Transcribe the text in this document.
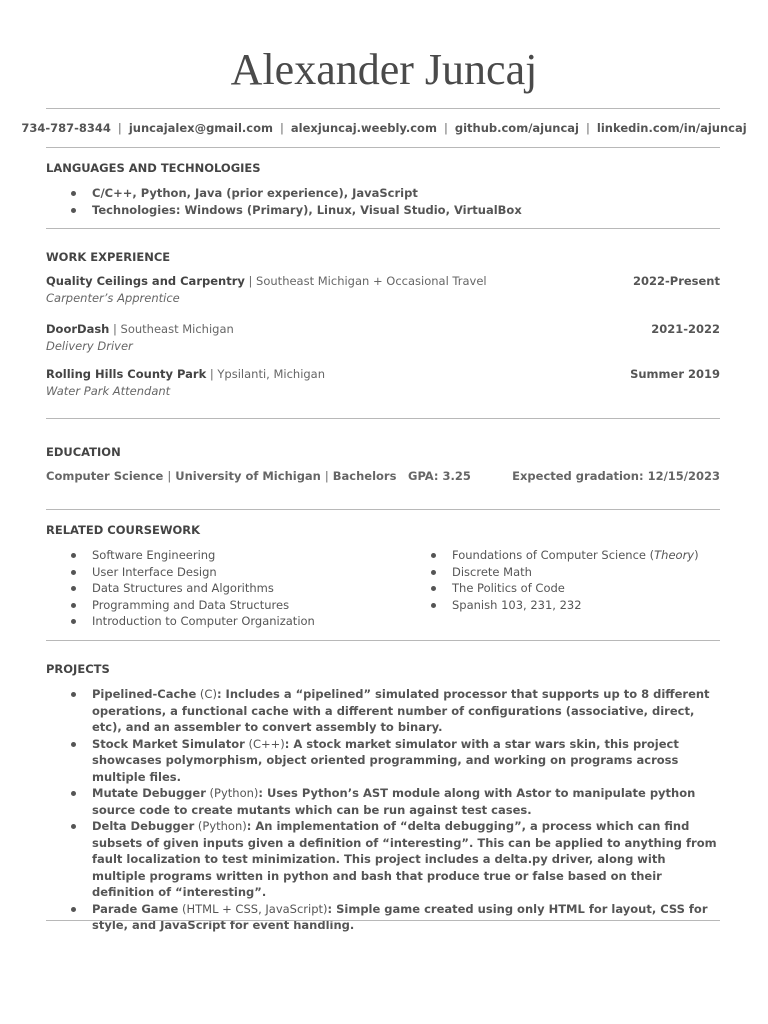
Alexander Juncaj
734-787-8344 | juncajalex@gmail.com | alexjuncaj.weebly.com | github.com/ajuncaj | linkedin.com/in/ajuncaj
LANGUAGES AND TECHNOLOGIES
C/C++, Python, Java (prior experience), JavaScript
Technologies: Windows (Primary), Linux, Visual Studio, VirtualBox
WORK EXPERIENCE
Quality Ceilings and Carpentry | Southeast Michigan + Occasional Travel	2022-Present
Carpenter’s Apprentice
DoorDash | Southeast Michigan	2021-2022
Delivery Driver
Rolling Hills County Park | Ypsilanti, Michigan	Summer 2019
Water Park Attendant
EDUCATION
Computer Science | University of Michigan | Bachelors GPA: 3.25	Expected gradation: 12/15/2023
RELATED COURSEWORK
Software Engineering
User Interface Design
Data Structures and Algorithms
Programming and Data Structures
Introduction to Computer Organization
Foundations of Computer Science (Theory)
Discrete Math
The Politics of Code
Spanish 103, 231, 232
PROJECTS
Pipelined-Cache (C): Includes a “pipelined” simulated processor that supports up to 8 different operations, a functional cache with a different number of configurations (associative, direct, etc), and an assembler to convert assembly to binary.
Stock Market Simulator (C++): A stock market simulator with a star wars skin, this project showcases polymorphism, object oriented programming, and working on programs across multiple files.
Mutate Debugger (Python): Uses Python’s AST module along with Astor to manipulate python source code to create mutants which can be run against test cases.
Delta Debugger (Python): An implementation of “delta debugging”, a process which can find subsets of given inputs given a definition of “interesting”. This can be applied to anything from fault localization to test minimization. This project includes a delta.py driver, along with multiple programs written in python and bash that produce true or false based on their definition of “interesting”.
Parade Game (HTML + CSS, JavaScript): Simple game created using only HTML for layout, CSS for style, and JavaScript for event handling.
